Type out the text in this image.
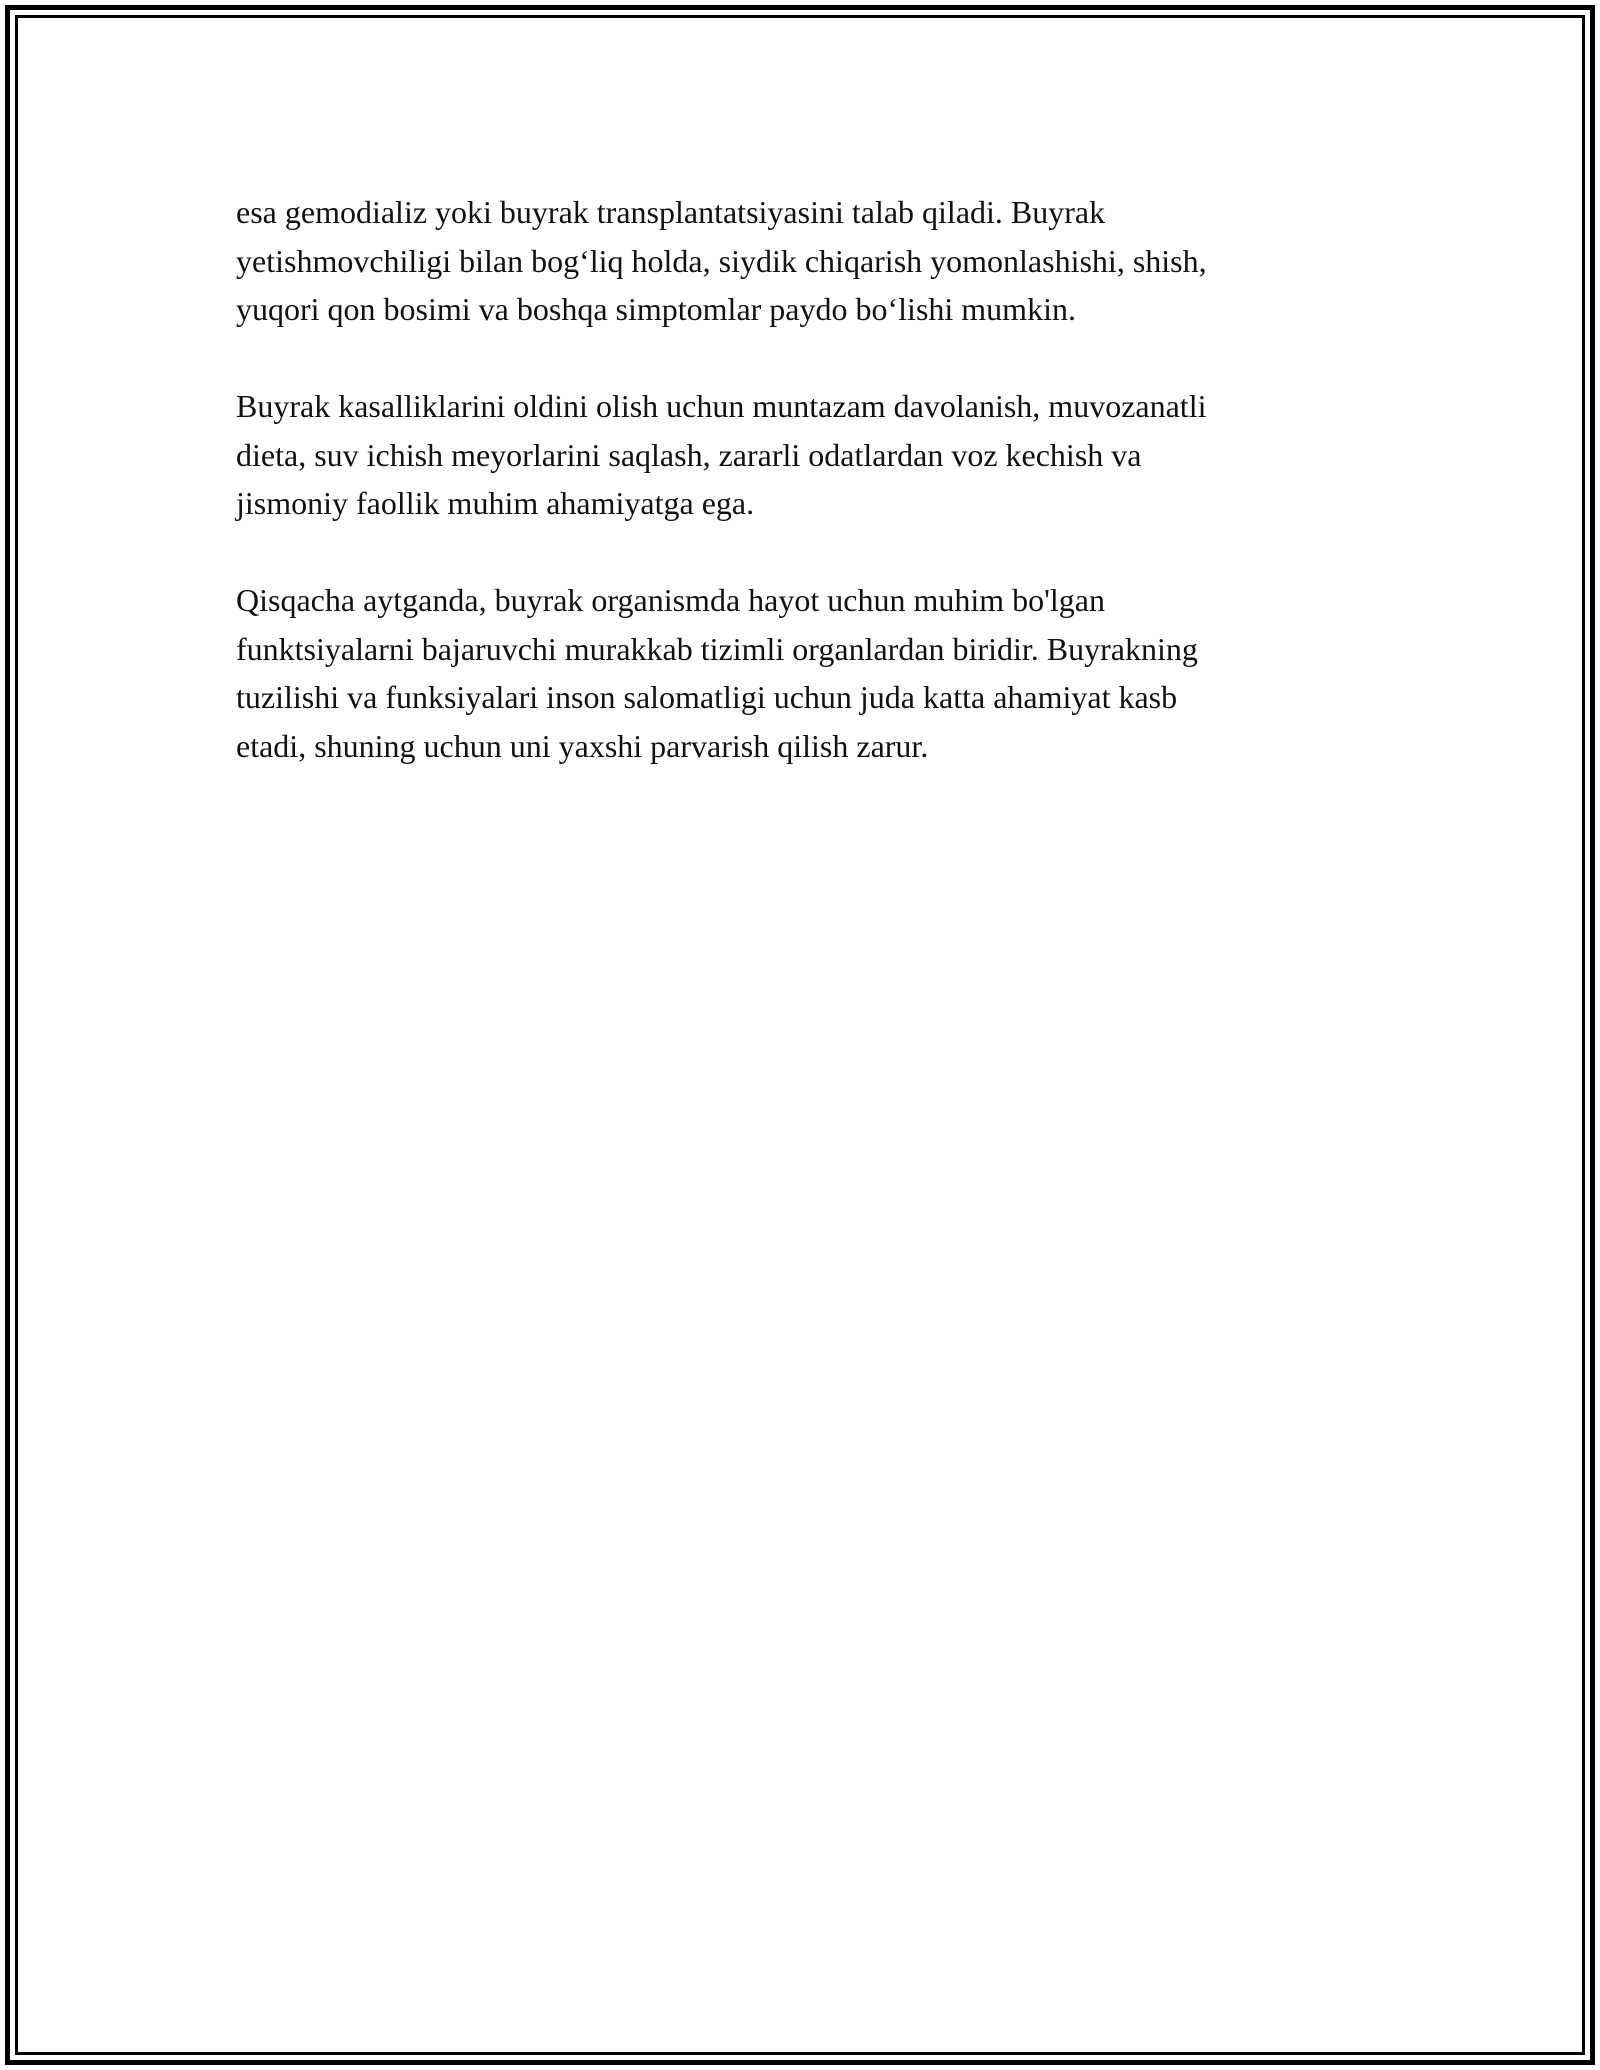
esa gemodializ yoki buyrak transplantatsiyasini talab qiladi. Buyrak
yetishmovchiligi bilan bog‘liq holda, siydik chiqarish yomonlashishi, shish,
yuqori qon bosimi va boshqa simptomlar paydo bo‘lishi mumkin.

Buyrak kasalliklarini oldini olish uchun muntazam davolanish, muvozanatli
dieta, suv ichish meyorlarini saqlash, zararli odatlardan voz kechish va
jismoniy faollik muhim ahamiyatga ega.

Qisqacha aytganda, buyrak organismda hayot uchun muhim bo'lgan
funktsiyalarni bajaruvchi murakkab tizimli organlardan biridir. Buyrakning
tuzilishi va funksiyalari inson salomatligi uchun juda katta ahamiyat kasb
etadi, shuning uchun uni yaxshi parvarish qilish zarur.
